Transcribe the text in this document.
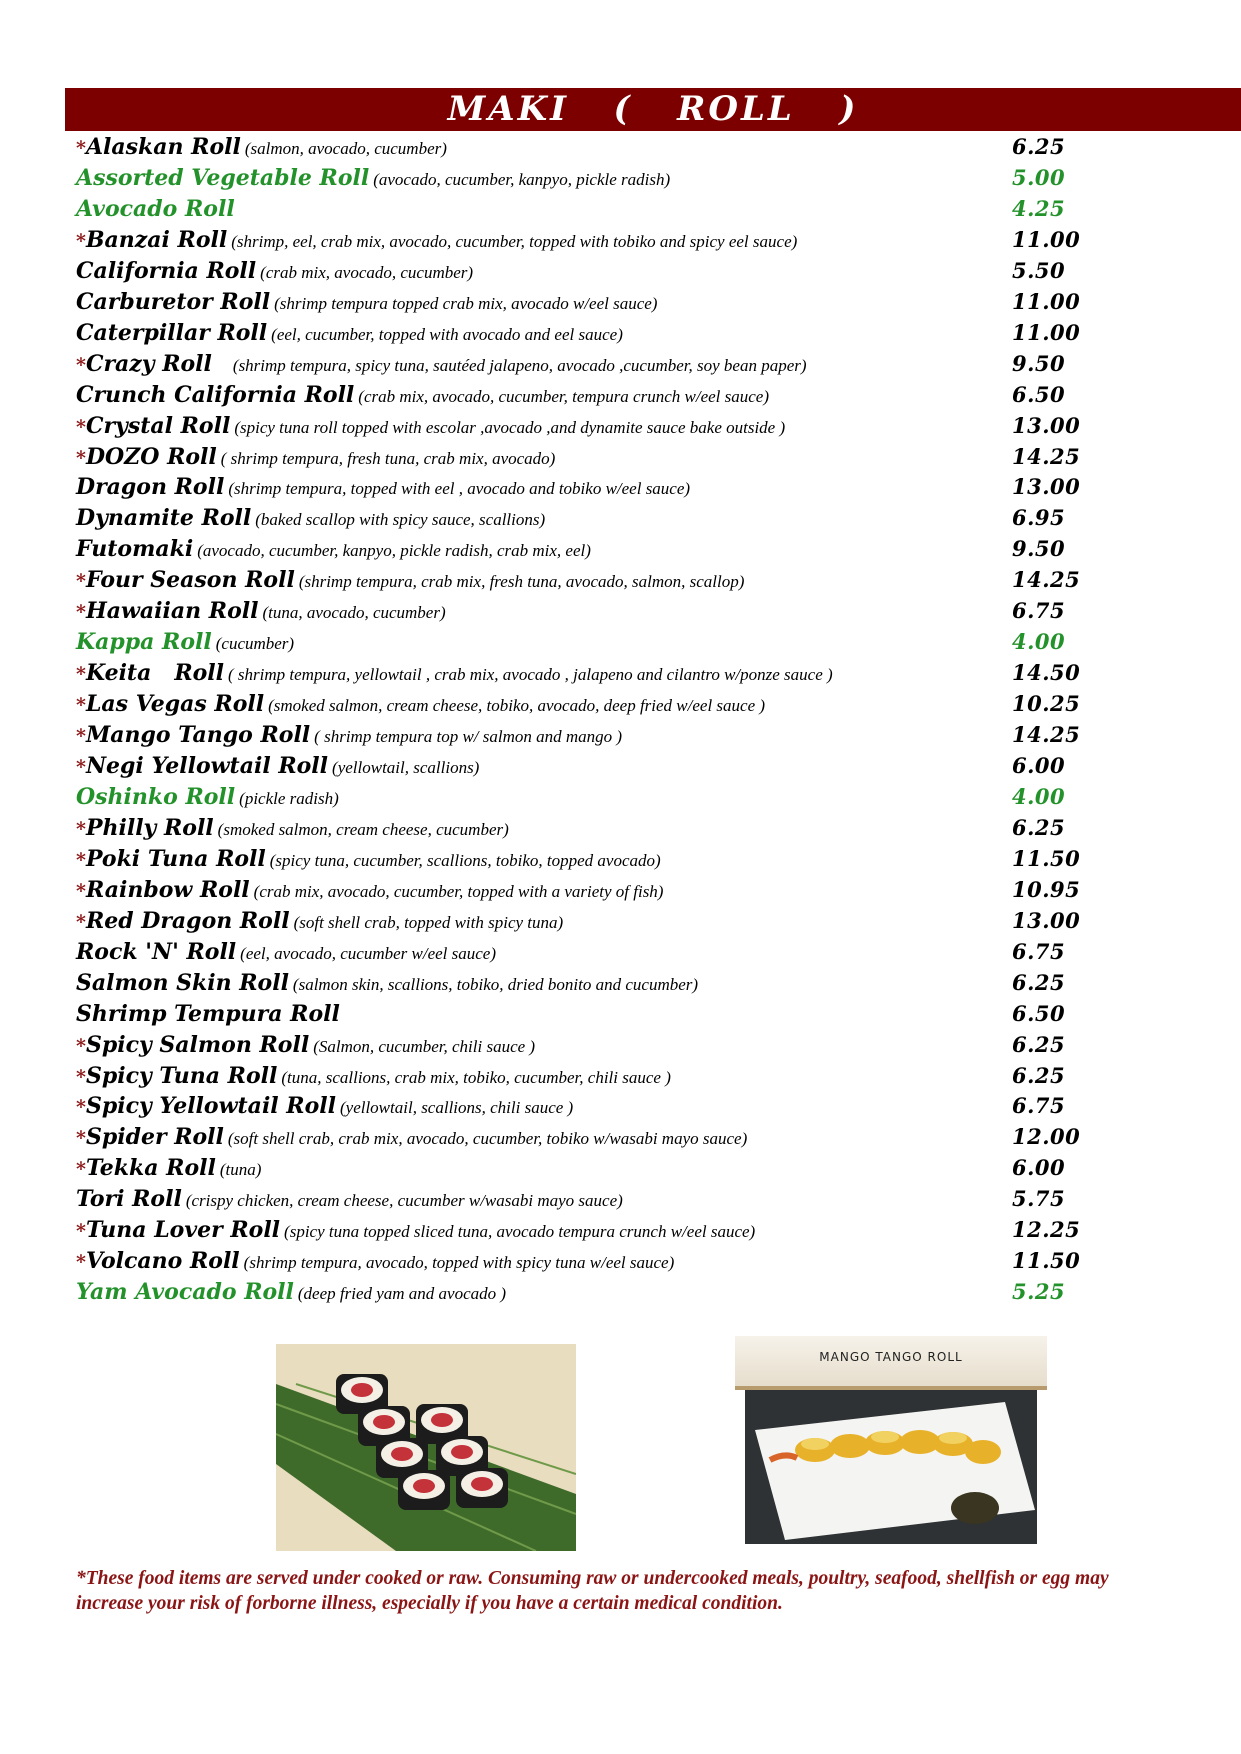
MAKI   (   ROLL   )
*Alaskan Roll (salmon, avocado, cucumber)	6.25
Assorted Vegetable Roll (avocado, cucumber, kanpyo, pickle radish)	5.00
Avocado Roll	4.25
*Banzai Roll (shrimp, eel, crab mix, avocado, cucumber, topped with tobiko and spicy eel sauce)	11.00
California Roll (crab mix, avocado, cucumber)	5.50
Carburetor Roll (shrimp tempura topped crab mix, avocado w/eel sauce)	11.00
Caterpillar Roll (eel, cucumber, topped with avocado and eel sauce)	11.00
*Crazy Roll    (shrimp tempura, spicy tuna, sautéed jalapeno, avocado ,cucumber, soy bean paper)	9.50
Crunch California Roll (crab mix, avocado, cucumber, tempura crunch w/eel sauce)	6.50
*Crystal Roll (spicy tuna roll topped with escolar ,avocado ,and dynamite sauce bake outside )	13.00
*DOZO Roll ( shrimp tempura, fresh tuna, crab mix, avocado)	14.25
Dragon Roll (shrimp tempura, topped with eel , avocado and tobiko w/eel sauce)	13.00
Dynamite Roll (baked scallop with spicy sauce, scallions)	6.95
Futomaki (avocado, cucumber, kanpyo, pickle radish, crab mix, eel)	9.50
*Four Season Roll (shrimp tempura, crab mix, fresh tuna, avocado, salmon, scallop)	14.25
*Hawaiian Roll (tuna, avocado, cucumber)	6.75
Kappa Roll (cucumber)	4.00
*Keita   Roll ( shrimp tempura, yellowtail , crab mix, avocado , jalapeno and cilantro w/ponze sauce )	14.50
*Las Vegas Roll (smoked salmon, cream cheese, tobiko, avocado, deep fried w/eel sauce )	10.25
*Mango Tango Roll ( shrimp tempura top w/ salmon and mango )	14.25
*Negi Yellowtail Roll (yellowtail, scallions)	6.00
Oshinko Roll (pickle radish)	4.00
*Philly Roll (smoked salmon, cream cheese, cucumber)	6.25
*Poki Tuna Roll (spicy tuna, cucumber, scallions, tobiko, topped avocado)	11.50
*Rainbow Roll (crab mix, avocado, cucumber, topped with a variety of fish)	10.95
*Red Dragon Roll (soft shell crab, topped with spicy tuna)	13.00
Rock 'N' Roll (eel, avocado, cucumber w/eel sauce)	6.75
Salmon Skin Roll (salmon skin, scallions, tobiko, dried bonito and cucumber)	6.25
Shrimp Tempura Roll	6.50
*Spicy Salmon Roll (Salmon, cucumber, chili sauce )	6.25
*Spicy Tuna Roll (tuna, scallions, crab mix, tobiko, cucumber, chili sauce )	6.25
*Spicy Yellowtail Roll (yellowtail, scallions, chili sauce )	6.75
*Spider Roll (soft shell crab, crab mix, avocado, cucumber, tobiko w/wasabi mayo sauce)	12.00
*Tekka Roll (tuna)	6.00
Tori Roll (crispy chicken, cream cheese, cucumber w/wasabi mayo sauce)	5.75
*Tuna Lover Roll (spicy tuna topped sliced tuna, avocado tempura crunch w/eel sauce)	12.25
*Volcano Roll (shrimp tempura, avocado, topped with spicy tuna w/eel sauce)	11.50
Yam Avocado Roll (deep fried yam and avocado )	5.25
MANGO TANGO ROLL
*These food items are served under cooked or raw. Consuming raw or undercooked meals, poultry, seafood, shellfish or egg may increase your risk of forborne illness, especially if you have a certain medical condition.
